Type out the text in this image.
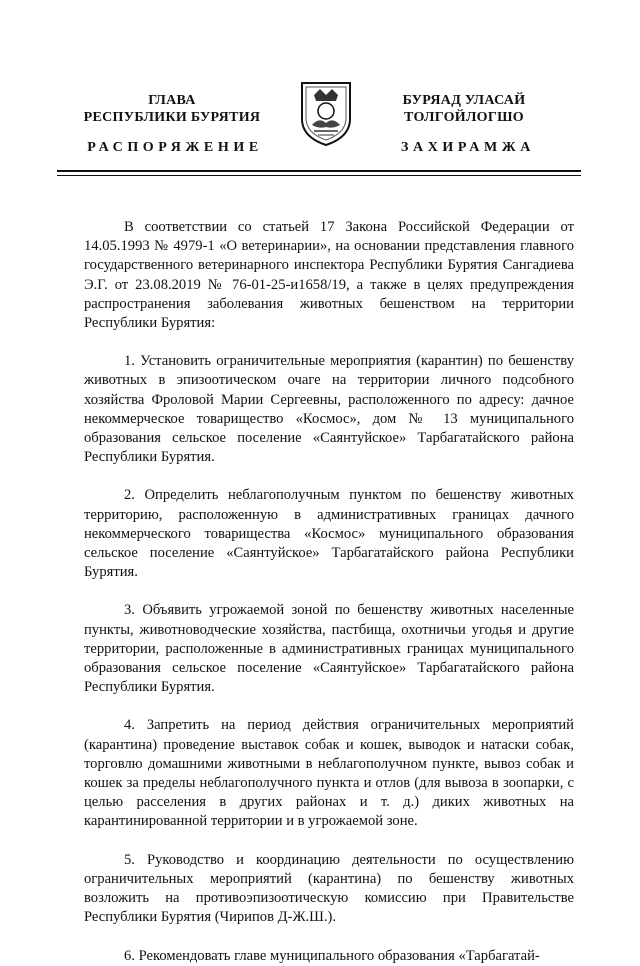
ГЛАВА
РЕСПУБЛИКИ БУРЯТИЯ
БУРЯАД УЛАСАЙ
ТОЛГОЙЛОГШО
РАСПОРЯЖЕНИЕ	ЗАХИРАМЖА

В соответствии со статьей 17 Закона Российской Федерации от 14.05.1993 № 4979-1 «О ветеринарии», на основании представления главного государственного ветеринарного инспектора Республики Бурятия Сангадиева Э.Г. от 23.08.2019 № 76-01-25-и1658/19, а также в целях предупреждения распространения заболевания животных бешенством на территории Республики Бурятия:

1. Установить ограничительные мероприятия (карантин) по бешенству животных в эпизоотическом очаге на территории личного подсобного хозяйства Фроловой Марии Сергеевны, расположенного по адресу: дачное некоммерческое товарищество «Космос», дом № 13 муниципального образования сельское поселение «Саянтуйское» Тарбагатайского района Республики Бурятия.

2. Определить неблагополучным пунктом по бешенству животных территорию, расположенную в административных границах дачного некоммерческого товарищества «Космос» муниципального образования сельское поселение «Саянтуйское» Тарбагатайского района Республики Бурятия.

3. Объявить угрожаемой зоной по бешенству животных населенные пункты, животноводческие хозяйства, пастбища, охотничьи угодья и другие территории, расположенные в административных границах муниципального образования сельское поселение «Саянтуйское» Тарбагатайского района Республики Бурятия.

4. Запретить на период действия ограничительных мероприятий (карантина) проведение выставок собак и кошек, выводок и натаски собак, торговлю домашними животными в неблагополучном пункте, вывоз собак и кошек за пределы неблагополучного пункта и отлов (для вывоза в зоопарки, с целью расселения в других районах и т. д.) диких животных на карантинированной территории и в угрожаемой зоне.

5. Руководство и координацию деятельности по осуществлению ограничительных мероприятий (карантина) по бешенству животных возложить на противоэпизоотическую комиссию при Правительстве Республики Бурятия (Чирипов Д-Ж.Ш.).

6. Рекомендовать главе муниципального образования «Тарбагатай-
